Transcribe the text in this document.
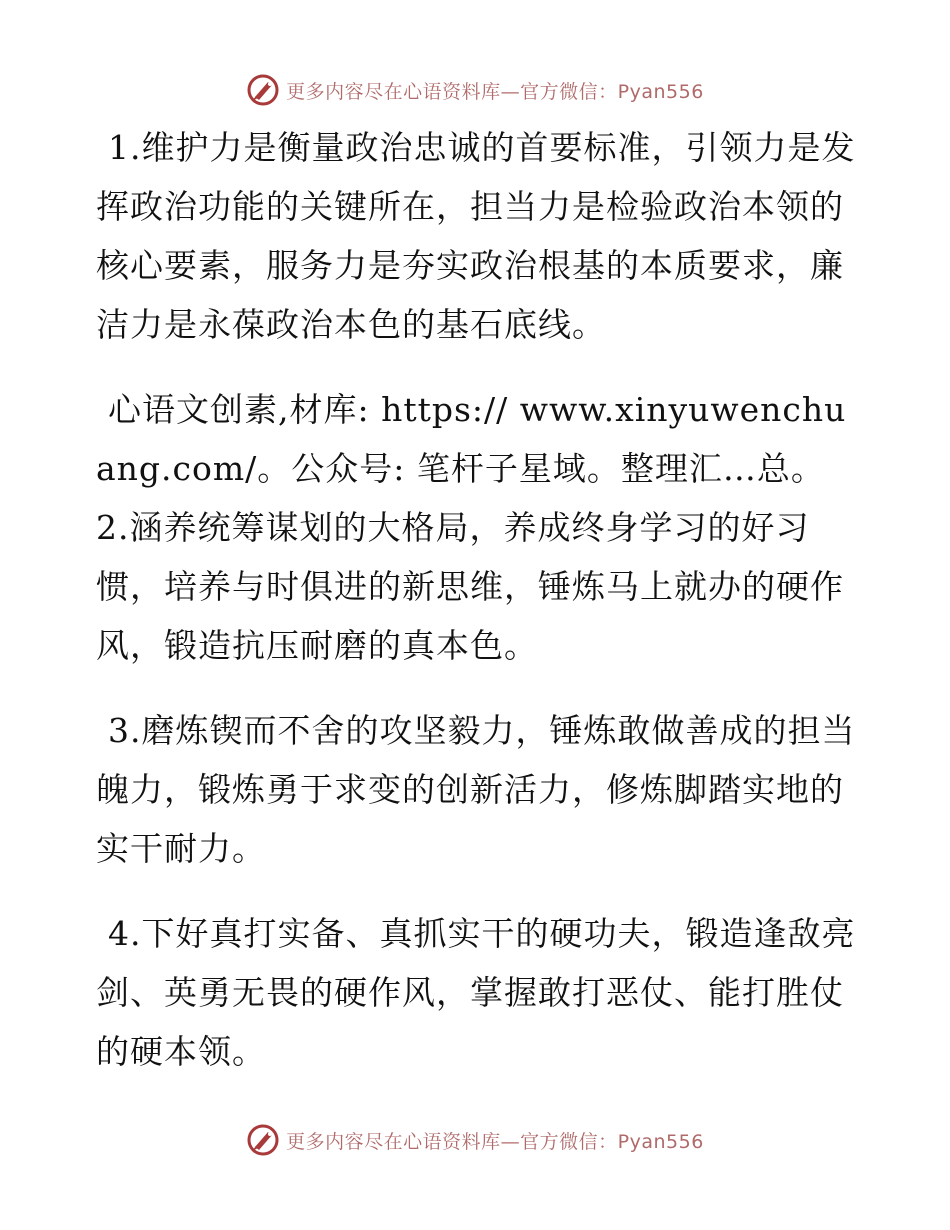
更多内容尽在心语资料库—官方微信：Pyan556

1.维护力是衡量政治忠诚的首要标准，引领力是发挥政治功能的关键所在，担当力是检验政治本领的核心要素，服务力是夯实政治根基的本质要求，廉洁力是永葆政治本色的基石底线。

心语文创素,材库: https:// www.xinyuwenchuang.com/。公众号: 笔杆子星域。整理汇…总。2.涵养统筹谋划的大格局，养成终身学习的好习惯，培养与时俱进的新思维，锤炼马上就办的硬作风，锻造抗压耐磨的真本色。

3.磨炼锲而不舍的攻坚毅力，锤炼敢做善成的担当魄力，锻炼勇于求变的创新活力，修炼脚踏实地的实干耐力。

4.下好真打实备、真抓实干的硬功夫，锻造逢敌亮剑、英勇无畏的硬作风，掌握敢打恶仗、能打胜仗的硬本领。

更多内容尽在心语资料库—官方微信：Pyan556
